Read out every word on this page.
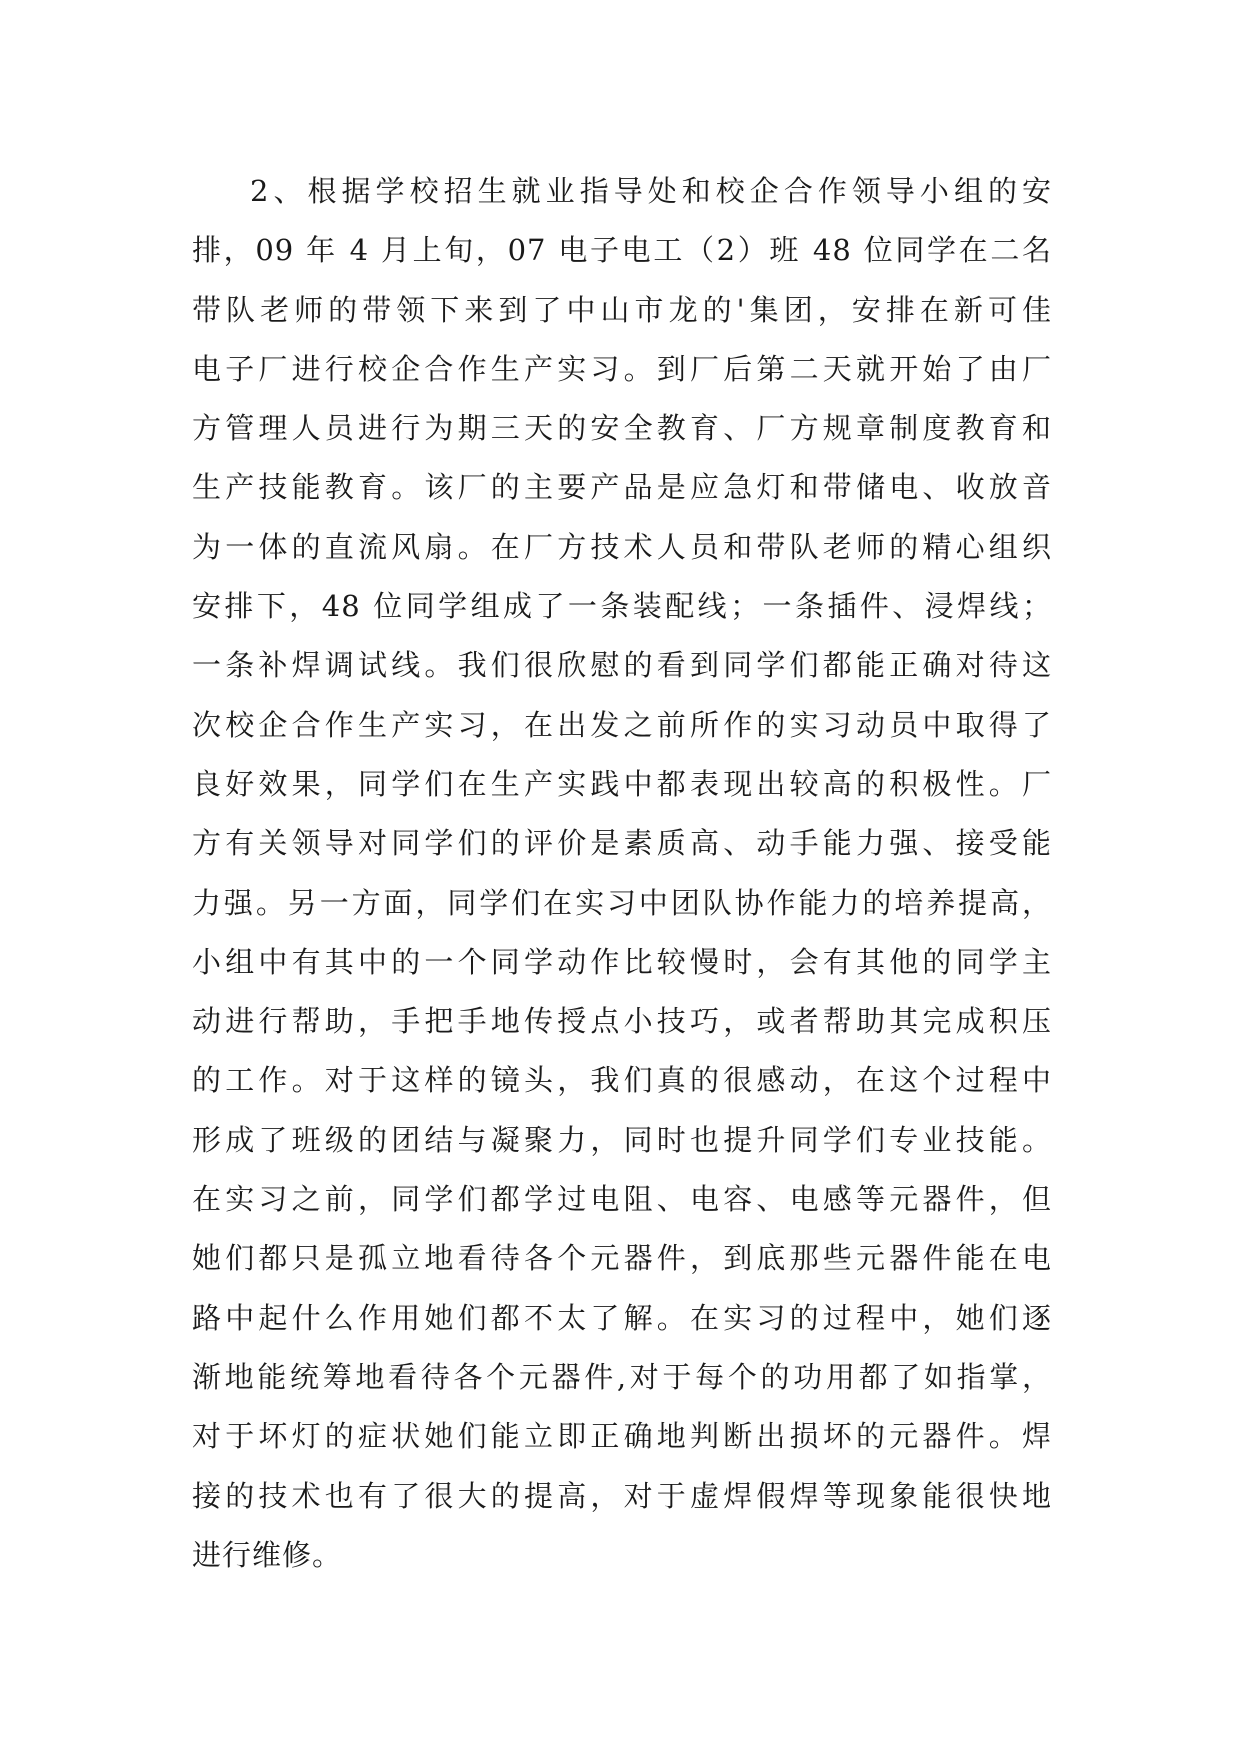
2、根据学校招生就业指导处和校企合作领导小组的安
排，09 年 4 月上旬，07 电子电工（2）班 48 位同学在二名
带队老师的带领下来到了中山市龙的'集团，安排在新可佳
电子厂进行校企合作生产实习。到厂后第二天就开始了由厂
方管理人员进行为期三天的安全教育、厂方规章制度教育和
生产技能教育。该厂的主要产品是应急灯和带储电、收放音
为一体的直流风扇。在厂方技术人员和带队老师的精心组织
安排下，48 位同学组成了一条装配线；一条插件、浸焊线；
一条补焊调试线。我们很欣慰的看到同学们都能正确对待这
次校企合作生产实习，在出发之前所作的实习动员中取得了
良好效果，同学们在生产实践中都表现出较高的积极性。厂
方有关领导对同学们的评价是素质高、动手能力强、接受能
力强。另一方面，同学们在实习中团队协作能力的培养提高，
小组中有其中的一个同学动作比较慢时，会有其他的同学主
动进行帮助，手把手地传授点小技巧，或者帮助其完成积压
的工作。对于这样的镜头，我们真的很感动，在这个过程中
形成了班级的团结与凝聚力，同时也提升同学们专业技能。
在实习之前，同学们都学过电阻、电容、电感等元器件，但
她们都只是孤立地看待各个元器件，到底那些元器件能在电
路中起什么作用她们都不太了解。在实习的过程中，她们逐
渐地能统筹地看待各个元器件,对于每个的功用都了如指掌，
对于坏灯的症状她们能立即正确地判断出损坏的元器件。焊
接的技术也有了很大的提高，对于虚焊假焊等现象能很快地
进行维修。
